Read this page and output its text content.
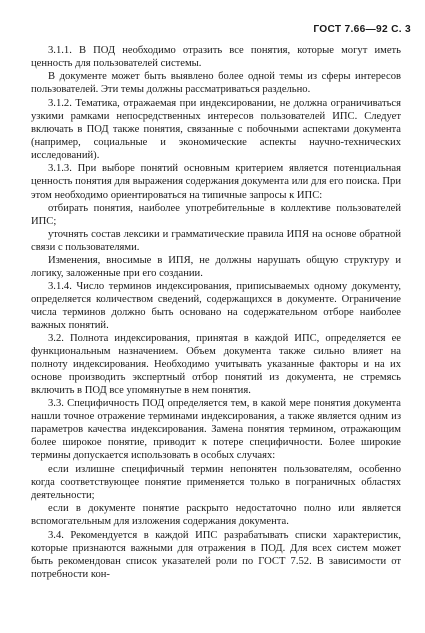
ГОСТ 7.66—92 С. 3

3.1.1. В ПОД необходимо отразить все понятия, которые могут иметь ценность для пользователей системы.

В документе может быть выявлено более одной темы из сферы интересов пользователей. Эти темы должны рассматриваться раздельно.

3.1.2. Тематика, отражаемая при индексировании, не должна ограничиваться узкими рамками непосредственных интересов пользователей ИПС. Следует включать в ПОД также понятия, связанные с побочными аспектами документа (например, социальные и экономические аспекты научно-технических исследований).

3.1.3. При выборе понятий основным критерием является потенциальная ценность понятия для выражения содержания документа или для его поиска. При этом необходимо ориентироваться на типичные запросы к ИПС:

отбирать понятия, наиболее употребительные в коллективе пользователей ИПС;

уточнять состав лексики и грамматические правила ИПЯ на основе обратной связи с пользователями.

Изменения, вносимые в ИПЯ, не должны нарушать общую структуру и логику, заложенные при его создании.

3.1.4. Число терминов индексирования, приписываемых одному документу, определяется количеством сведений, содержащихся в документе. Ограничение числа терминов должно быть основано на содержательном отборе наиболее важных понятий.

3.2. Полнота индексирования, принятая в каждой ИПС, определяется ее функциональным назначением. Объем документа также сильно влияет на полноту индексирования. Необходимо учитывать указанные факторы и на их основе производить экспертный отбор понятий из документа, не стремясь включить в ПОД все упомянутые в нем понятия.

3.3. Специфичность ПОД определяется тем, в какой мере понятия документа нашли точное отражение терминами индексирования, а также является одним из параметров качества индексирования. Замена понятия термином, отражающим более широкое понятие, приводит к потере специфичности. Более широкие термины допускается использовать в особых случаях:

если излишне специфичный термин непонятен пользователям, особенно когда соответствующее понятие применяется только в пограничных областях деятельности;

если в документе понятие раскрыто недостаточно полно или является вспомогательным для изложения содержания документа.

3.4. Рекомендуется в каждой ИПС разрабатывать списки характеристик, которые признаются важными для отражения в ПОД. Для всех систем может быть рекомендован список указателей роли по ГОСТ 7.52. В зависимости от потребности кон-
